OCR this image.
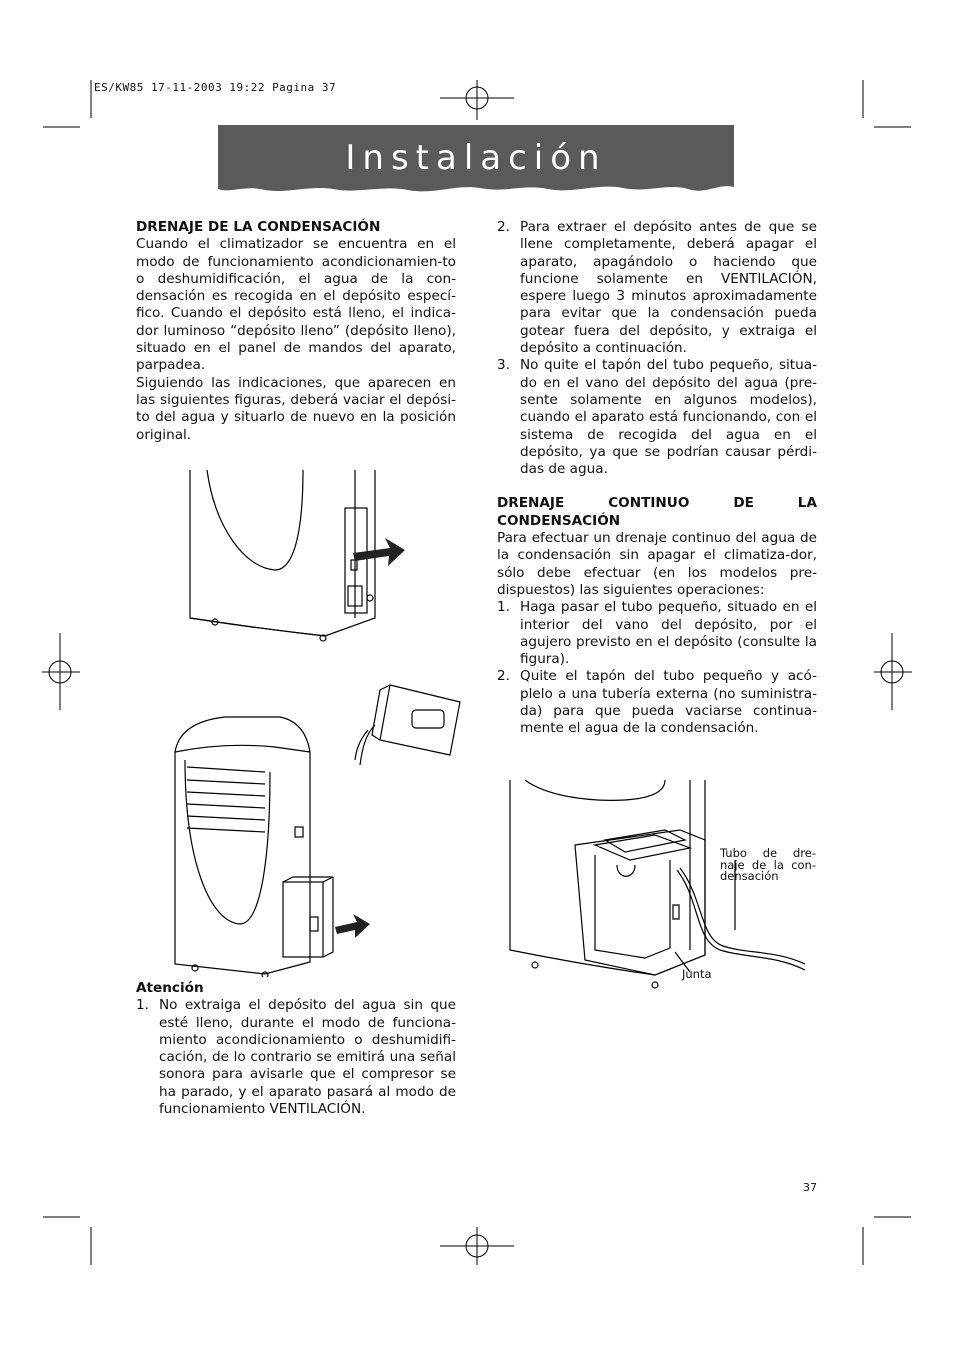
ES/KW85 17-11-2003 19:22 Pagina 37
Instalación
DRENAJE DE LA CONDENSACIÓN

Cuando el climatizador se encuentra en el modo de funcionamiento acondicionamien-to o deshumidificación, el agua de la con-densación es recogida en el depósito especí-fico. Cuando el depósito está lleno, el indica-dor luminoso “depósito lleno” (depósito lleno), situado en el panel de mandos del aparato, parpadea.

Siguiendo las indicaciones, que aparecen en las siguientes figuras, deberá vaciar el depósi-to del agua y situarlo de nuevo en la posición original.

Atención
1. No extraiga el depósito del agua sin que esté lleno, durante el modo de funciona-miento acondicionamiento o deshumidifi-cación, de lo contrario se emitirá una señal sonora para avisarle que el compresor se ha parado, y el aparato pasará al modo de funcionamiento VENTILACIÓN.
2. Para extraer el depósito antes de que se llene completamente, deberá apagar el aparato, apagándolo o haciendo que funcione solamente en VENTILACIÓN, espere luego 3 minutos aproximadamente para evitar que la condensación pueda gotear fuera del depósito, y extraiga el depósito a continuación.
3. No quite el tapón del tubo pequeño, situa-do en el vano del depósito del agua (pre-sente solamente en algunos modelos), cuando el aparato está funcionando, con el sistema de recogida del agua en el depósito, ya que se podrían causar pérdi-das de agua.
DRENAJE CONTINUO DE LA CONDENSACIÓN

Para efectuar un drenaje continuo del agua de la condensación sin apagar el climatiza-dor, sólo debe efectuar (en los modelos pre-dispuestos) las siguientes operaciones:

1. Haga pasar el tubo pequeño, situado en el interior del vano del depósito, por el agujero previsto en el depósito (consulte la figura).
2. Quite el tapón del tubo pequeño y acó-plelo a una tubería externa (no suministra-da) para que pueda vaciarse continua-mente el agua de la condensación.
Tubo de dre-naje de la con-densación
Junta
37
